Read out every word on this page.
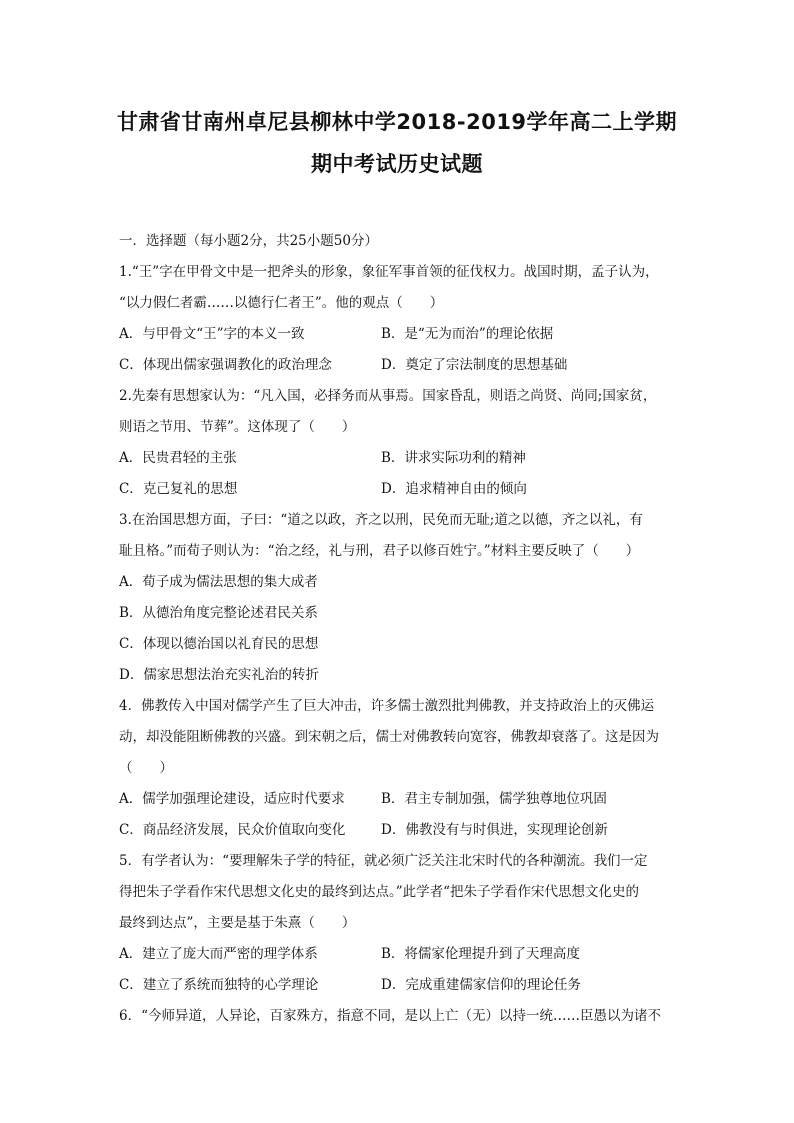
甘肃省甘南州卓尼县柳林中学2018-2019学年高二上学期
期中考试历史试题
一．选择题（每小题2分，共25小题50分）
1.“王”字在甲骨文中是一把斧头的形象，象征军事首领的征伐权力。战国时期，孟子认为，
“以力假仁者霸……以德行仁者王”。他的观点（　　）
A．与甲骨文“王”字的本义一致	B．是“无为而治”的理论依据
C．体现出儒家强调教化的政治理念	D．奠定了宗法制度的思想基础
2.先秦有思想家认为：“凡入国，必择务而从事焉。国家昏乱，则语之尚贤、尚同;国家贫，
则语之节用、节葬”。这体现了（　　）
A．民贵君轻的主张	B．讲求实际功利的精神
C．克己复礼的思想	D．追求精神自由的倾向
3.在治国思想方面，子曰：“道之以政，齐之以刑，民免而无耻;道之以德，齐之以礼，有
耻且格。”而荀子则认为：“治之经，礼与刑，君子以修百姓宁。”材料主要反映了（　　）
A．荀子成为儒法思想的集大成者
B．从德治角度完整论述君民关系
C．体现以德治国以礼育民的思想
D．儒家思想法治充实礼治的转折
4．佛教传入中国对儒学产生了巨大冲击，许多儒士激烈批判佛教，并支持政治上的灭佛运
动，却没能阻断佛教的兴盛。到宋朝之后，儒士对佛教转向宽容，佛教却衰落了。这是因为
（　　）
A．儒学加强理论建设，适应时代要求	B．君主专制加强，儒学独尊地位巩固
C．商品经济发展，民众价值取向变化	D．佛教没有与时俱进，实现理论创新
5．有学者认为：“要理解朱子学的特征，就必须广泛关注北宋时代的各种潮流。我们一定
得把朱子学看作宋代思想文化史的最终到达点。”此学者“把朱子学看作宋代思想文化史的
最终到达点”，主要是基于朱熹（　　）
A．建立了庞大而严密的理学体系	B．将儒家伦理提升到了天理高度
C．建立了系统而独特的心学理论	D．完成重建儒家信仰的理论任务
6．“今师异道，人异论，百家殊方，指意不同，是以上亡（无）以持一统……臣愚以为诸不
